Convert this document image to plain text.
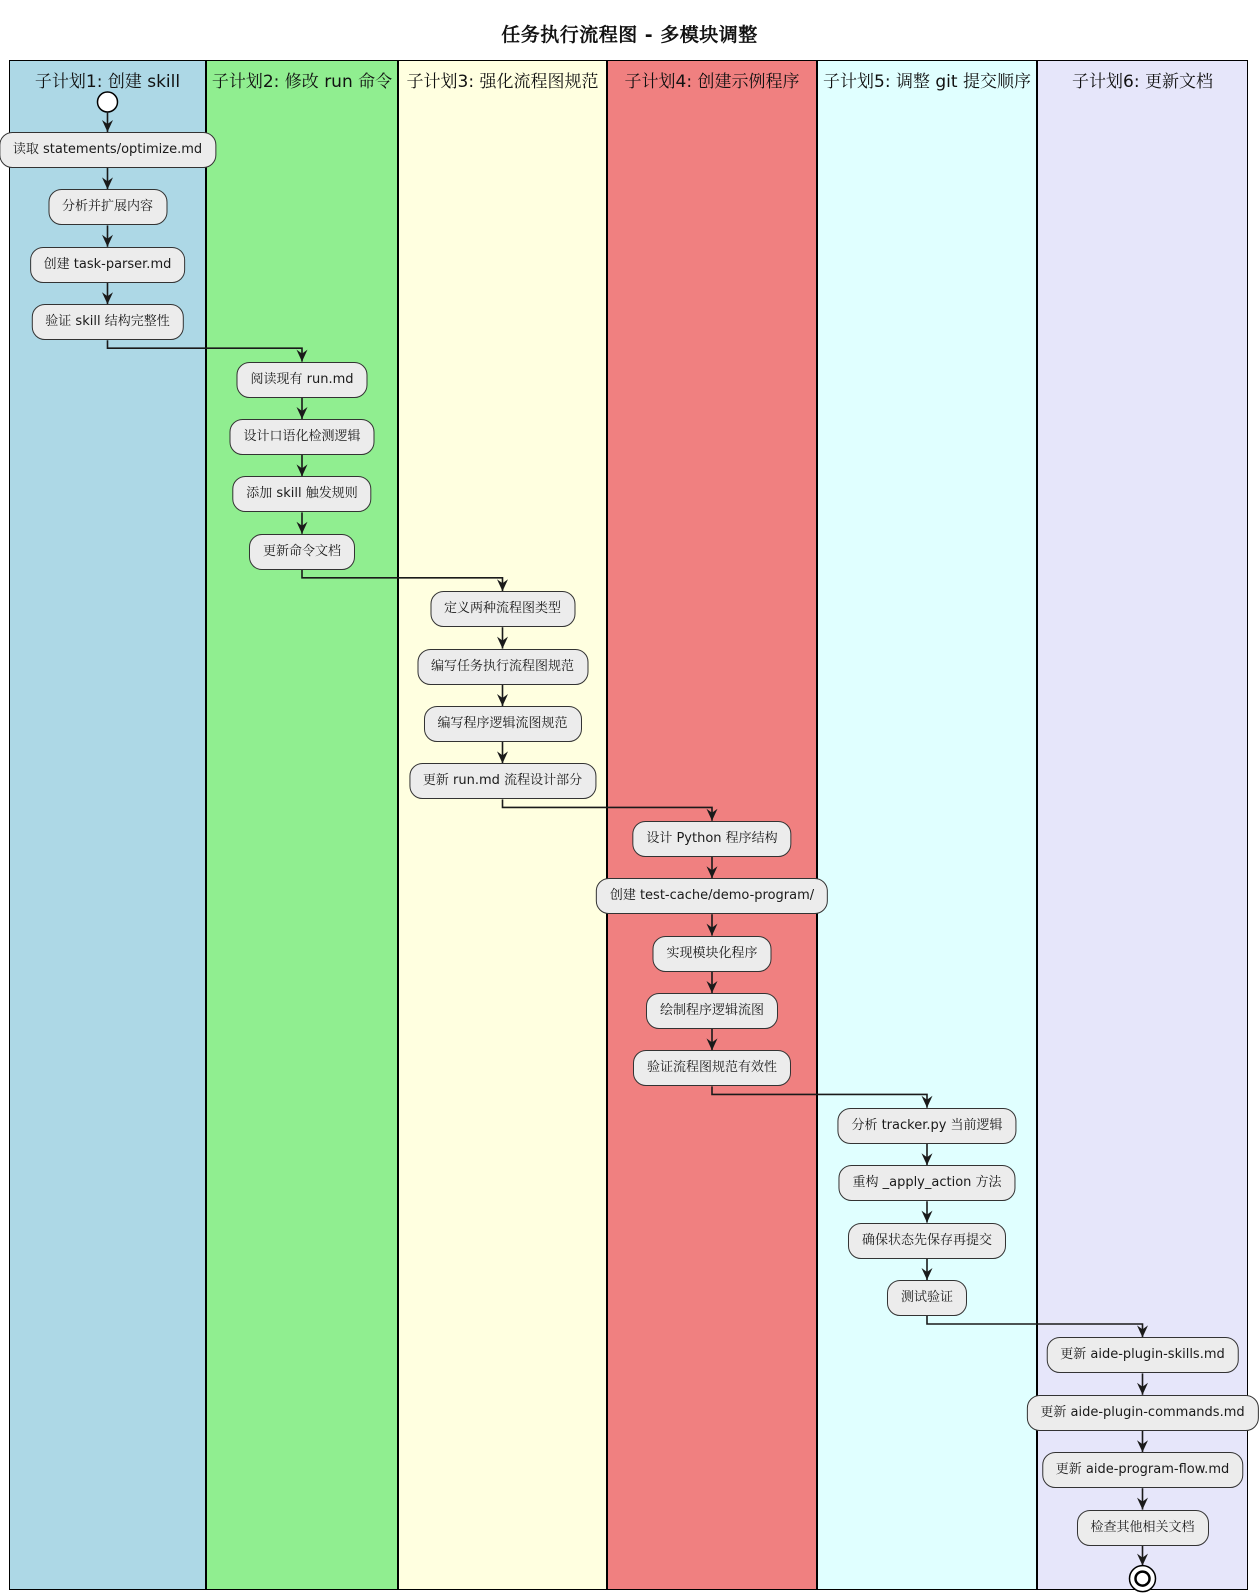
任务执行流程图 - 多模块调整
子计划1: 创建 skill	子计划2: 修改 run 命令 子计划3: 强化流程图规范	子计划4: 创建示例程序	子计划5: 调整 git 提交顺序	子计划6: 更新文档
读取 statements/optimize.md
分析并扩展内容
创建 task-parser.md
验证 skill 结构完整性
阅读现有 run.md
设计口语化检测逻辑
添加 skill 触发规则
更新命令文档
定义两种流程图类型
编写任务执行流程图规范
编写程序逻辑流图规范
更新 run.md 流程设计部分
设计 Python 程序结构
创建 test-cache/demo-program/
实现模块化程序
绘制程序逻辑流图
验证流程图规范有效性
分析 tracker.py 当前逻辑
重构 _apply_action 方法
确保状态先保存再提交
测试验证
更新 aide-plugin-skills.md
更新 aide-plugin-commands.md
更新 aide-program-flow.md
检查其他相关文档
